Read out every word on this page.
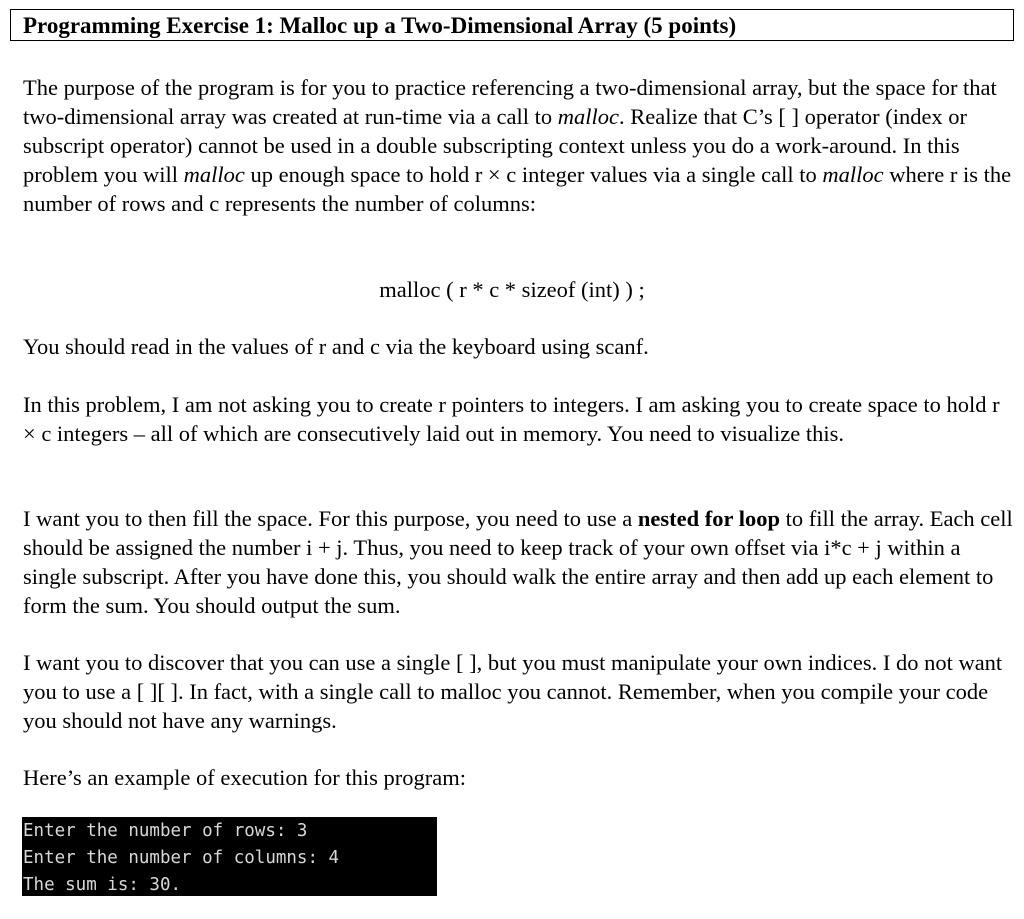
Programming Exercise 1: Malloc up a Two-Dimensional Array (5 points)

The purpose of the program is for you to practice referencing a two-dimensional array, but the space for that two-dimensional array was created at run-time via a call to malloc. Realize that C’s [ ] operator (index or subscript operator) cannot be used in a double subscripting context unless you do a work-around. In this problem you will malloc up enough space to hold r × c integer values via a single call to malloc where r is the number of rows and c represents the number of columns:

malloc ( r * c * sizeof (int) ) ;

You should read in the values of r and c via the keyboard using scanf.

In this problem, I am not asking you to create r pointers to integers. I am asking you to create space to hold r × c integers – all of which are consecutively laid out in memory. You need to visualize this.

I want you to then fill the space. For this purpose, you need to use a nested for loop to fill the array. Each cell should be assigned the number i + j. Thus, you need to keep track of your own offset via i*c + j within a single subscript. After you have done this, you should walk the entire array and then add up each element to form the sum. You should output the sum.

I want you to discover that you can use a single [ ], but you must manipulate your own indices. I do not want you to use a [ ][ ]. In fact, with a single call to malloc you cannot. Remember, when you compile your code you should not have any warnings.

Here’s an example of execution for this program:

Enter the number of rows: 3
Enter the number of columns: 4
The sum is: 30.
